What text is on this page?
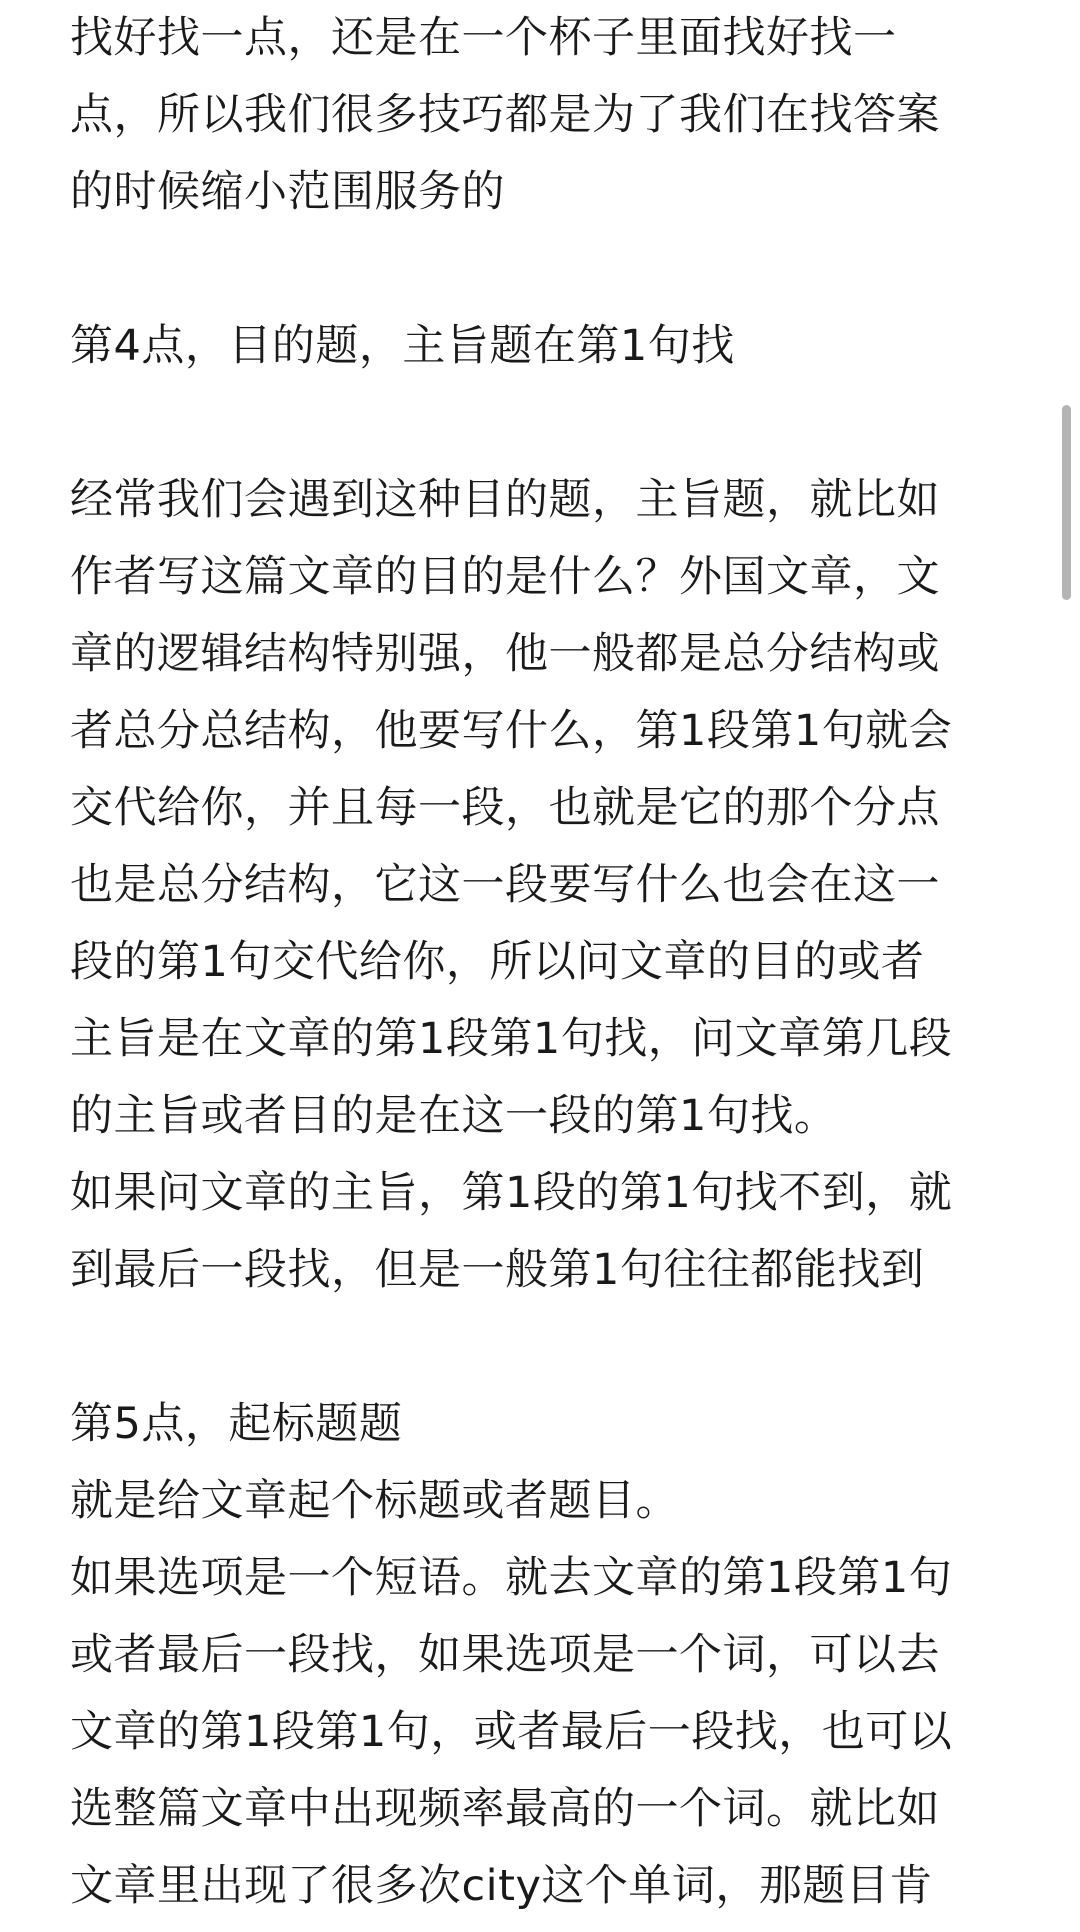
找好找一点，还是在一个杯子里面找好找一
点，所以我们很多技巧都是为了我们在找答案
的时候缩小范围服务的
第4点，目的题，主旨题在第1句找
经常我们会遇到这种目的题，主旨题，就比如
作者写这篇文章的目的是什么？外国文章，文
章的逻辑结构特别强，他一般都是总分结构或
者总分总结构，他要写什么，第1段第1句就会
交代给你，并且每一段，也就是它的那个分点
也是总分结构，它这一段要写什么也会在这一
段的第1句交代给你，所以问文章的目的或者
主旨是在文章的第1段第1句找，问文章第几段
的主旨或者目的是在这一段的第1句找。
如果问文章的主旨，第1段的第1句找不到，就
到最后一段找，但是一般第1句往往都能找到
第5点，起标题题
就是给文章起个标题或者题目。
如果选项是一个短语。就去文章的第1段第1句
或者最后一段找，如果选项是一个词，可以去
文章的第1段第1句，或者最后一段找，也可以
选整篇文章中出现频率最高的一个词。就比如
文章里出现了很多次city这个单词，那题目肯
